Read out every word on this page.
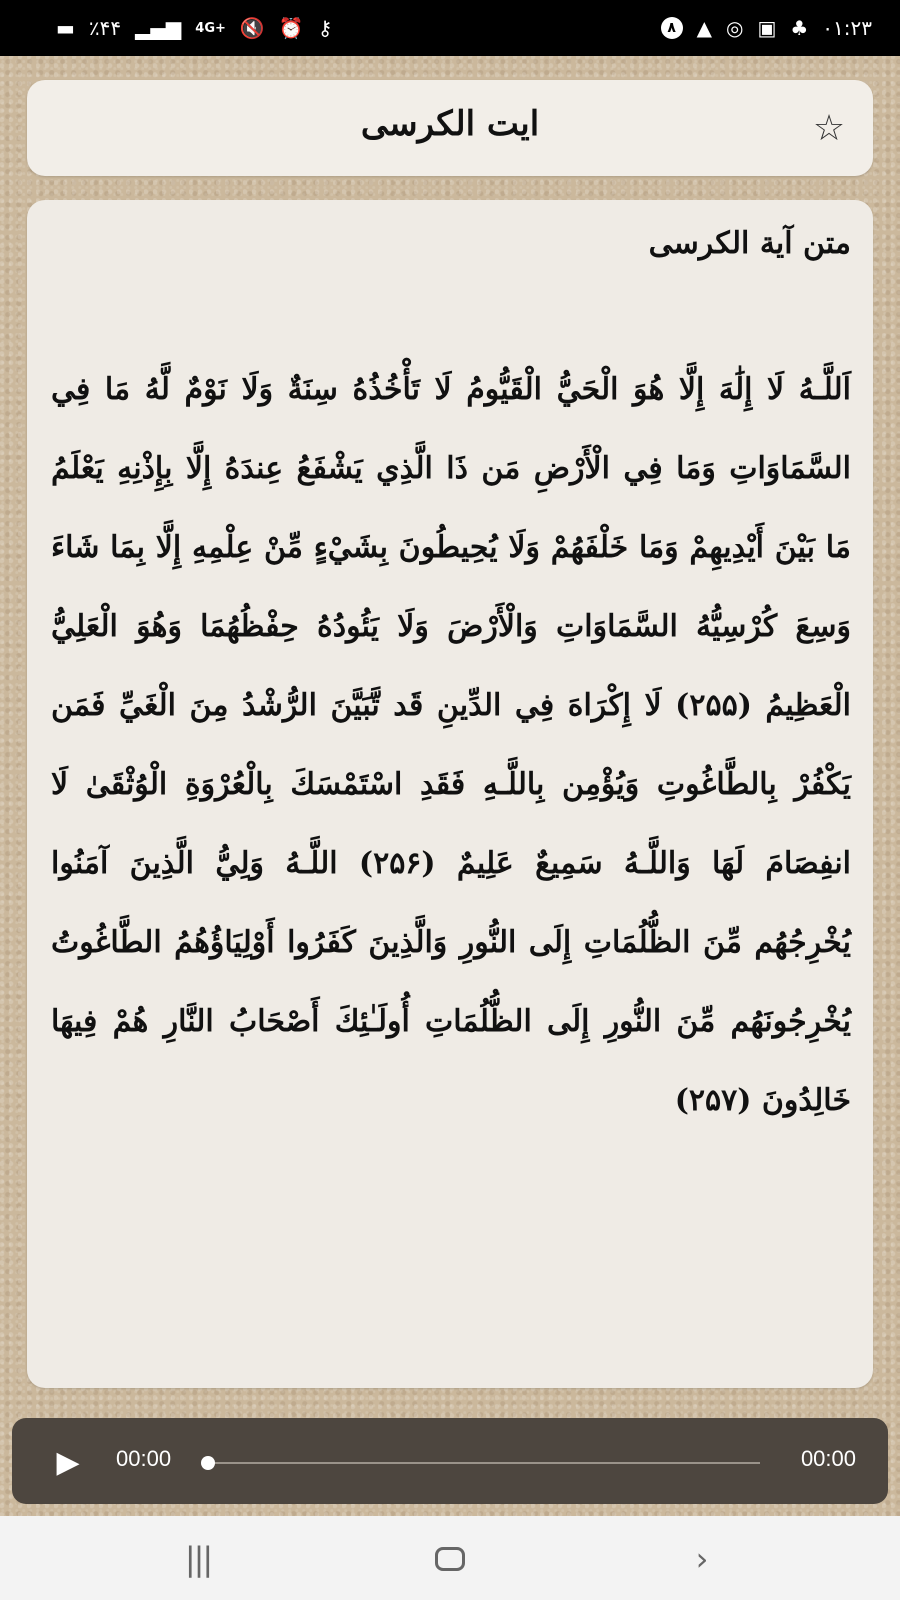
▬ ٪۴۴ ▂▄▆ 4G+ 🔇 ⏰ ⚷	۸	▲ ◎ ▣ ♣ ۰۱:۲۳
ایت الکرسی	☆
متن آیة الکرسی
اَللَّـهُ لَا إِلَٰهَ إِلَّا هُوَ الْحَيُّ الْقَيُّومُ لَا تَأْخُذُهُ سِنَةٌ وَلَا نَوْمٌ لَّهُ مَا فِي السَّمَاوَاتِ وَمَا فِي الْأَرْضِ مَن ذَا الَّذِي يَشْفَعُ عِندَهُ إِلَّا بِإِذْنِهِ يَعْلَمُ مَا بَيْنَ أَيْدِيهِمْ وَمَا خَلْفَهُمْ وَلَا يُحِيطُونَ بِشَيْءٍ مِّنْ عِلْمِهِ إِلَّا بِمَا شَاءَ وَسِعَ كُرْسِيُّهُ السَّمَاوَاتِ وَالْأَرْضَ وَلَا يَئُودُهُ حِفْظُهُمَا وَهُوَ الْعَلِيُّ الْعَظِيمُ (۲۵۵) لَا إِكْرَاهَ فِي الدِّينِ قَد تَّبَيَّنَ الرُّشْدُ مِنَ الْغَيِّ فَمَن يَكْفُرْ بِالطَّاغُوتِ وَيُؤْمِن بِاللَّـهِ فَقَدِ اسْتَمْسَكَ بِالْعُرْوَةِ الْوُثْقَىٰ لَا انفِصَامَ لَهَا وَاللَّـهُ سَمِيعٌ عَلِيمٌ (۲۵۶) اللَّـهُ وَلِيُّ الَّذِينَ آمَنُوا يُخْرِجُهُم مِّنَ الظُّلُمَاتِ إِلَى النُّورِ وَالَّذِينَ كَفَرُوا أَوْلِيَاؤُهُمُ الطَّاغُوتُ يُخْرِجُونَهُم مِّنَ النُّورِ إِلَى الظُّلُمَاتِ أُولَـٰئِكَ أَصْحَابُ النَّارِ هُمْ فِيهَا خَالِدُونَ (۲۵۷)
▶ 00:00	00:00
|||	›
